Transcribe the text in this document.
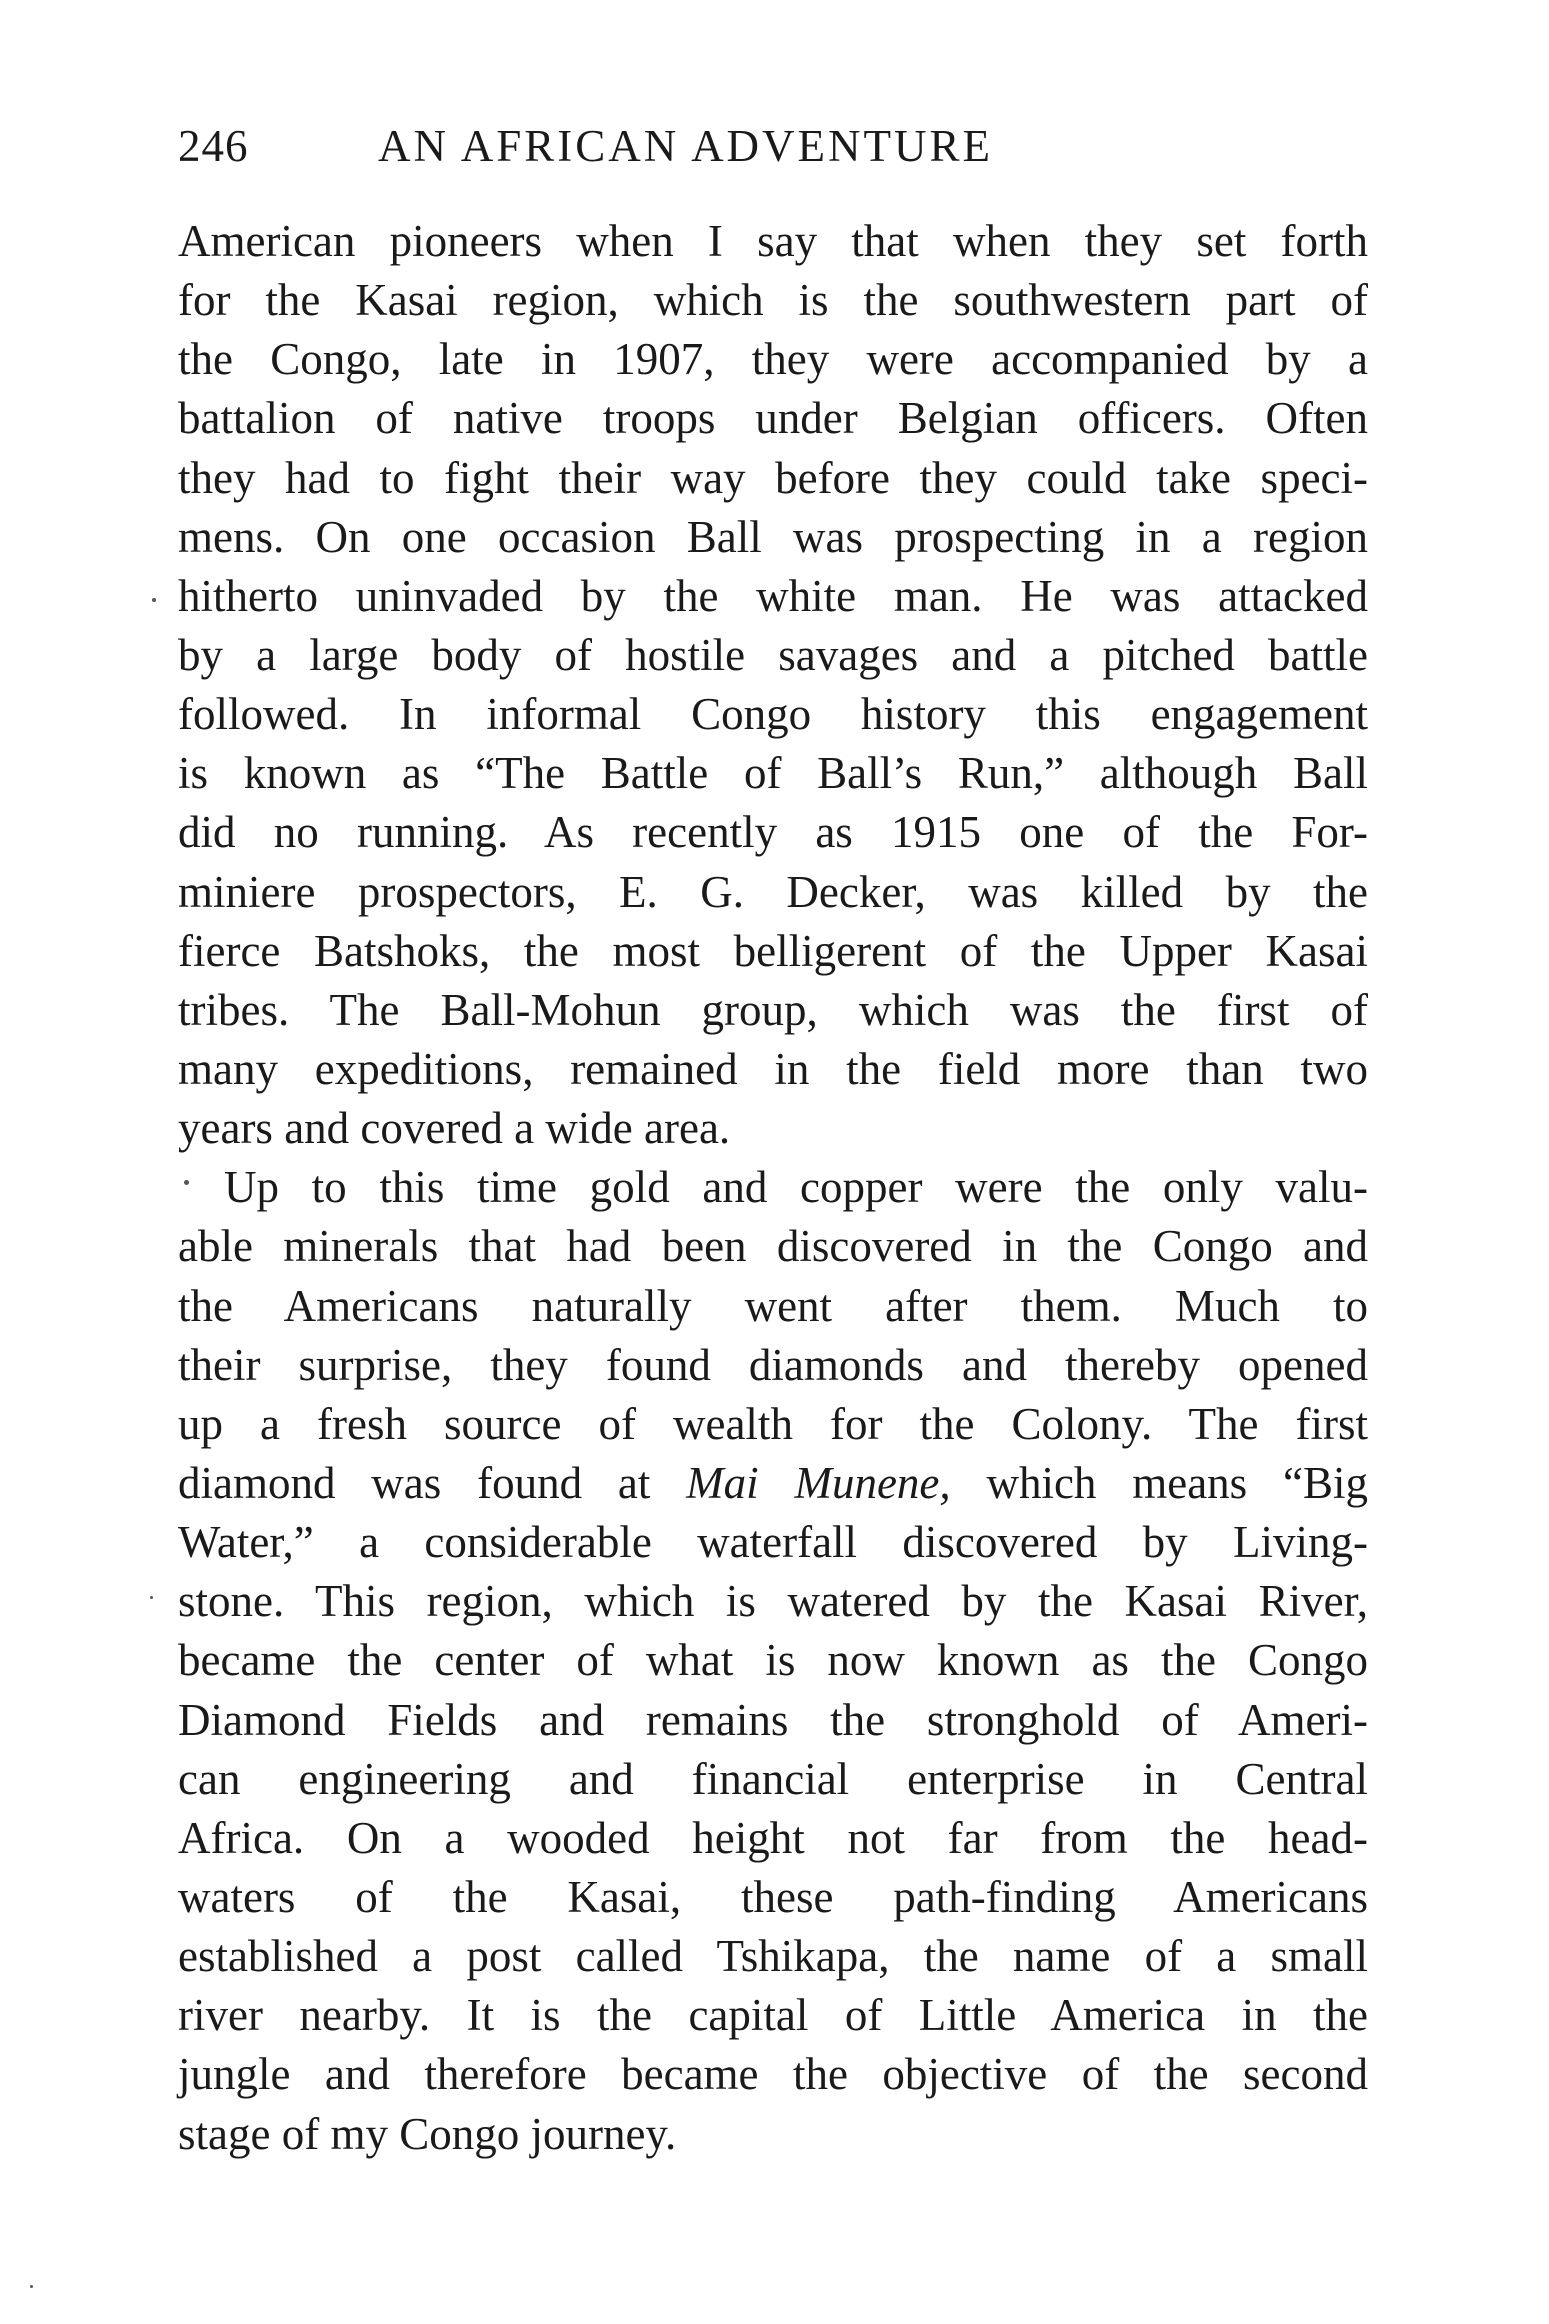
246	AN AFRICAN ADVENTURE
American pioneers when I say that when they set forth
for the Kasai region, which is the southwestern part of
the Congo, late in 1907, they were accompanied by a
battalion of native troops under Belgian officers. Often
they had to fight their way before they could take speci-
mens. On one occasion Ball was prospecting in a region
hitherto uninvaded by the white man. He was attacked
by a large body of hostile savages and a pitched battle
followed. In informal Congo history this engagement
is known as “The Battle of Ball’s Run,” although Ball
did no running. As recently as 1915 one of the For-
miniere prospectors, E. G. Decker, was killed by the
fierce Batshoks, the most belligerent of the Upper Kasai
tribes. The Ball-Mohun group, which was the first of
many expeditions, remained in the field more than two
years and covered a wide area.
Up to this time gold and copper were the only valu-
able minerals that had been discovered in the Congo and
the Americans naturally went after them. Much to
their surprise, they found diamonds and thereby opened
up a fresh source of wealth for the Colony. The first
diamond was found at Mai Munene, which means “Big
Water,” a considerable waterfall discovered by Living-
stone. This region, which is watered by the Kasai River,
became the center of what is now known as the Congo
Diamond Fields and remains the stronghold of Ameri-
can engineering and financial enterprise in Central
Africa. On a wooded height not far from the head-
waters of the Kasai, these path-finding Americans
established a post called Tshikapa, the name of a small
river nearby. It is the capital of Little America in the
jungle and therefore became the objective of the second
stage of my Congo journey.
